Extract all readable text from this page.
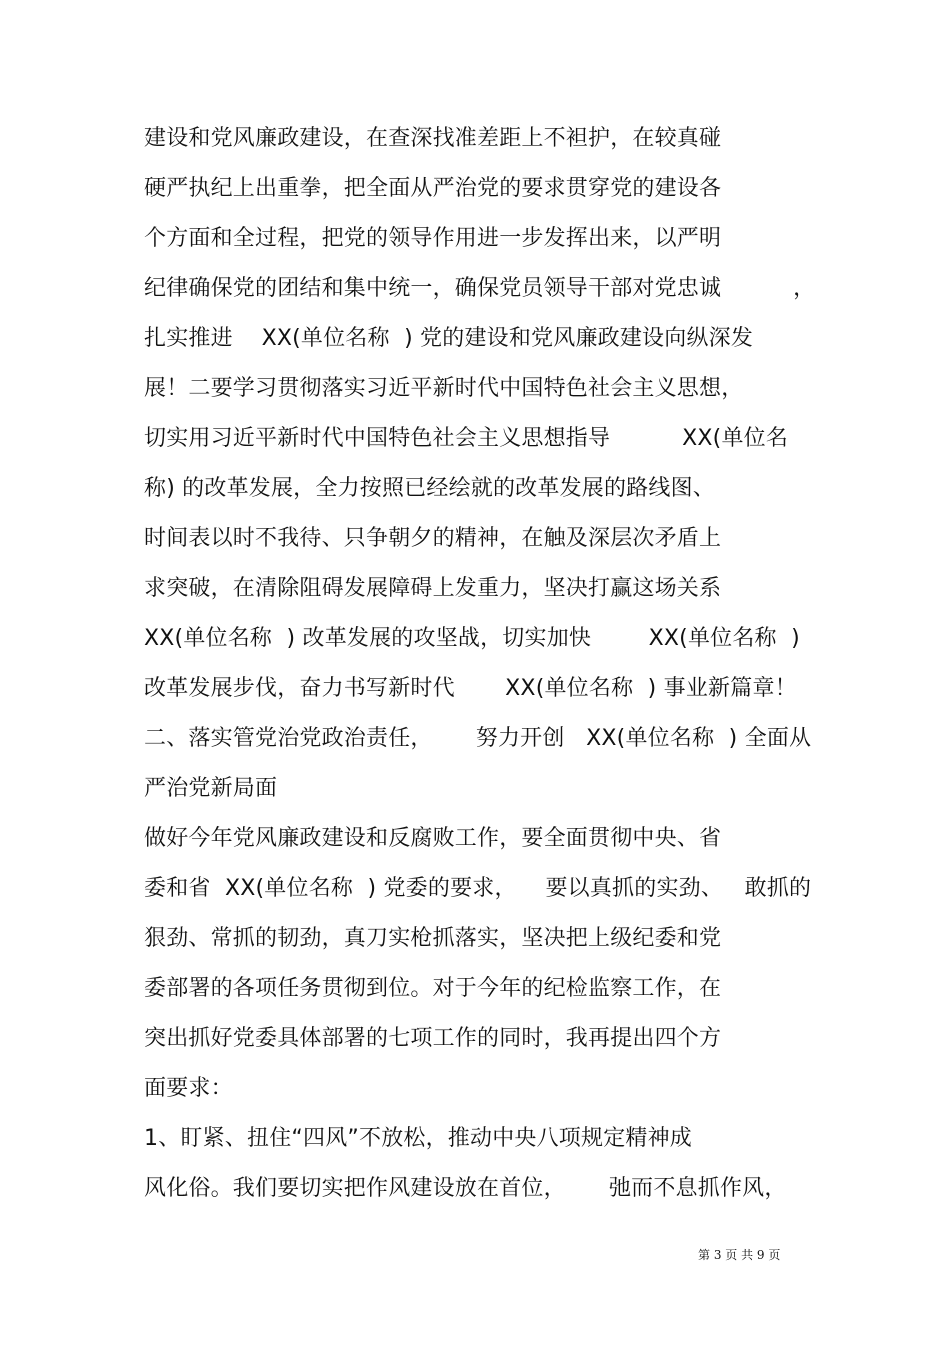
建设和党风廉政建设，在查深找准差距上不袒护，在较真碰
硬严执纪上出重拳，把全面从严治党的要求贯穿党的建设各
个方面和全过程，把党的领导作用进一步发挥出来，以严明
纪律确保党的团结和集中统一，确保党员领导干部对党忠诚          ，
扎实推进    XX(单位名称  ) 党的建设和党风廉政建设向纵深发
展！二要学习贯彻落实习近平新时代中国特色社会主义思想，
切实用习近平新时代中国特色社会主义思想指导          XX(单位名
称) 的改革发展，全力按照已经绘就的改革发展的路线图、
时间表以时不我待、只争朝夕的精神，在触及深层次矛盾上
求突破，在清除阻碍发展障碍上发重力，坚决打赢这场关系
XX(单位名称  ) 改革发展的攻坚战，切实加快        XX(单位名称  )
改革发展步伐，奋力书写新时代       XX(单位名称  ) 事业新篇章！
二、落实管党治党政治责任，      努力开创   XX(单位名称  ) 全面从
严治党新局面
做好今年党风廉政建设和反腐败工作，要全面贯彻中央、省
委和省  XX(单位名称  ) 党委的要求，    要以真抓的实劲、   敢抓的
狠劲、常抓的韧劲，真刀实枪抓落实，坚决把上级纪委和党
委部署的各项任务贯彻到位。对于今年的纪检监察工作，在
突出抓好党委具体部署的七项工作的同时，我再提出四个方
面要求：
1、盯紧、扭住“四风”不放松，推动中央八项规定精神成
风化俗。我们要切实把作风建设放在首位，      弛而不息抓作风，
第 3 页 共 9 页
